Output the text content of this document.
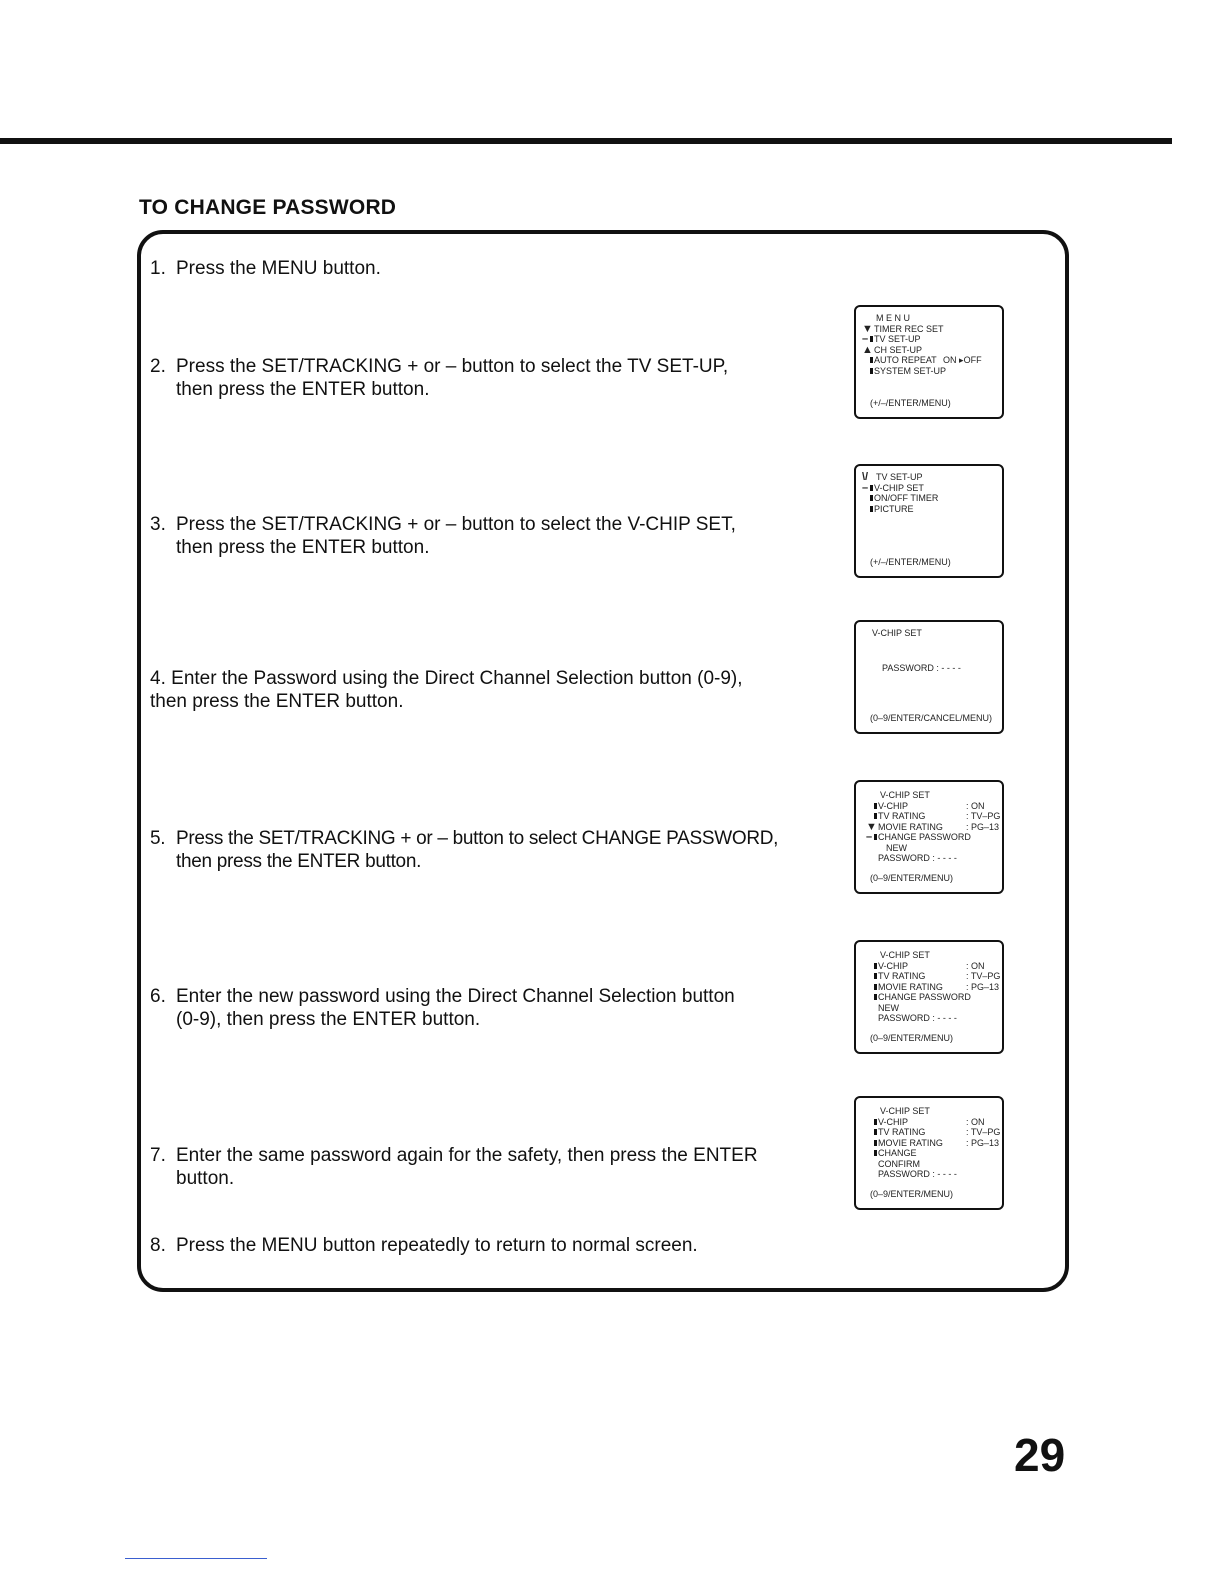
TO CHANGE PASSWORD
1. Press the MENU button.
2. Press the SET/TRACKING + or – button to select the TV SET-UP,
then press the ENTER button.
3. Press the SET/TRACKING + or – button to select the V-CHIP SET,
then press the ENTER button.
4. Enter the Password using the Direct Channel Selection button (0-9),
then press the ENTER button.
5. Press the SET/TRACKING + or – button to select CHANGE PASSWORD,
then press the ENTER button.
6. Enter the new password using the Direct Channel Selection button
(0-9), then press the ENTER button.
7. Enter the same password again for the safety, then press the ENTER
button.
8. Press the MENU button repeatedly to return to normal screen.
M E N U
▼ TIMER REC SET
– TV SET-UP
▲ CH SET-UP
AUTO REPEAT ON ▸OFF
SYSTEM SET-UP
(+/–/ENTER/MENU)
\/ TV SET-UP
– V-CHIP SET
ON/OFF TIMER
PICTURE
(+/–/ENTER/MENU)
V-CHIP SET
PASSWORD : - - - -
(0–9/ENTER/CANCEL/MENU)
V-CHIP SET
V-CHIP	: ON
TV RATING	: TV–PG
▼ MOVIE RATING	: PG–13
– CHANGE PASSWORD
NEW
PASSWORD : - - - -
(0–9/ENTER/MENU)
V-CHIP SET
V-CHIP	: ON
TV RATING	: TV–PG
MOVIE RATING	: PG–13
CHANGE PASSWORD
NEW
PASSWORD : - - - -
(0–9/ENTER/MENU)
V-CHIP SET
V-CHIP	: ON
TV RATING	: TV–PG
MOVIE RATING	: PG–13
CHANGE
CONFIRM
PASSWORD : - - - -
(0–9/ENTER/MENU)
29
